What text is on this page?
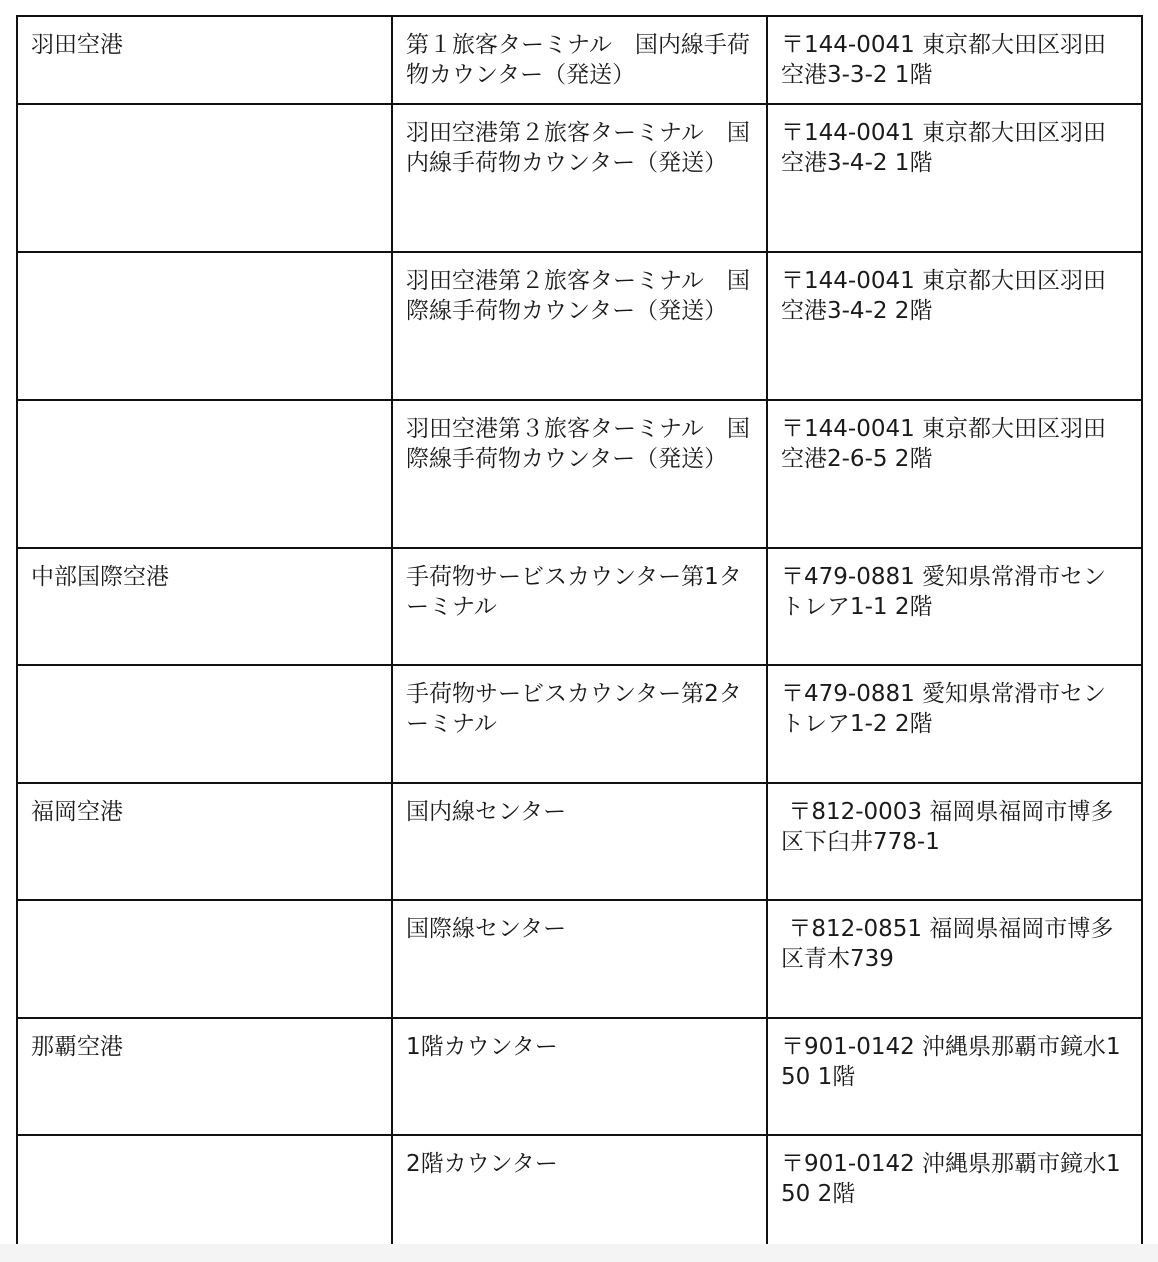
羽田空港	第１旅客ターミナル　国内線手荷物カウンター（発送）	〒144-0041 東京都大田区羽田空港3-3-2 1階
	羽田空港第２旅客ターミナル　国内線手荷物カウンター（発送）	〒144-0041 東京都大田区羽田空港3-4-2 1階
	羽田空港第２旅客ターミナル　国際線手荷物カウンター（発送）	〒144-0041 東京都大田区羽田空港3-4-2 2階
	羽田空港第３旅客ターミナル　国際線手荷物カウンター（発送）	〒144-0041 東京都大田区羽田空港2-6-5 2階
中部国際空港	手荷物サービスカウンター第1ターミナル	〒479-0881 愛知県常滑市セントレア1-1 2階
	手荷物サービスカウンター第2ターミナル	〒479-0881 愛知県常滑市セントレア1-2 2階
福岡空港	国内線センター	〒812-0003 福岡県福岡市博多区下臼井778-1
	国際線センター	〒812-0851 福岡県福岡市博多区青木739
那覇空港	1階カウンター	〒901-0142 沖縄県那覇市鏡水150 1階
	2階カウンター	〒901-0142 沖縄県那覇市鏡水150 2階
